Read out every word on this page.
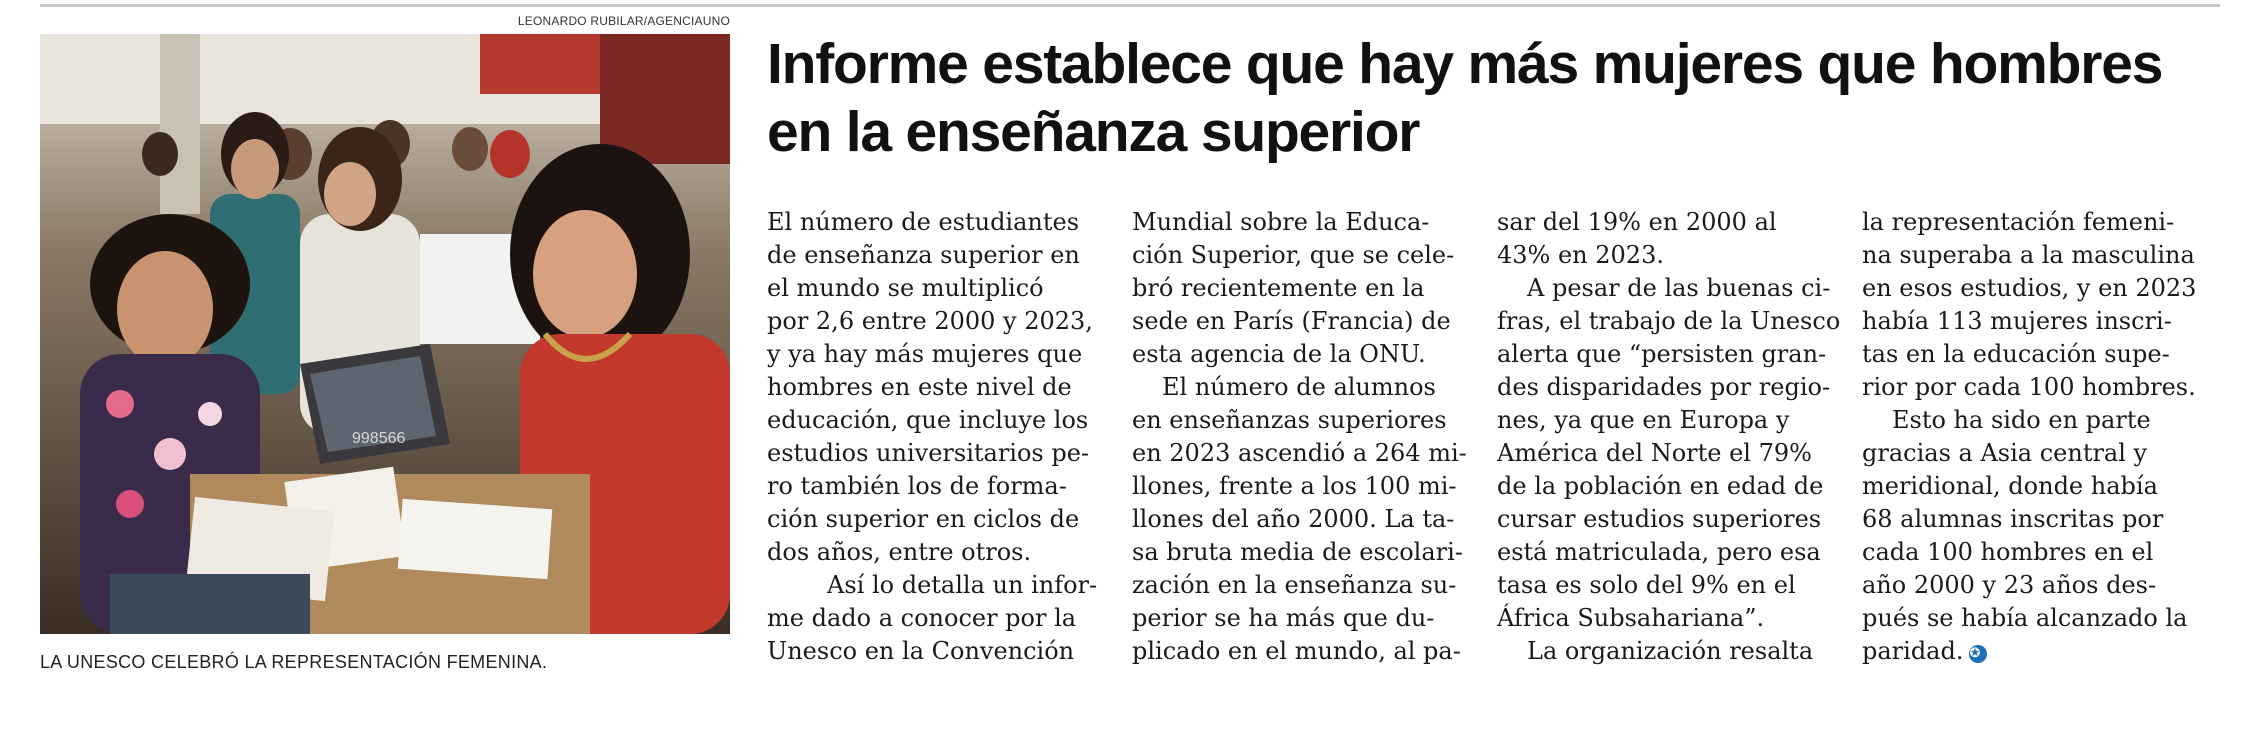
LEONARDO RUBILAR/AGENCIAUNO
998566
LA UNESCO CELEBRÓ LA REPRESENTACIÓN FEMENINA.
Informe establece que hay más mujeres que hombres en la enseñanza superior

El número de estudiantes
de enseñanza superior en
el mundo se multiplicó
por 2,6 entre 2000 y 2023,
y ya hay más mujeres que
hombres en este nivel de
educación, que incluye los
estudios universitarios pe-
ro también los de forma-
ción superior en ciclos de
dos años, entre otros.
Así lo detalla un infor-
me dado a conocer por la
Unesco en la Convención

Mundial sobre la Educa-
ción Superior, que se cele-
bró recientemente en la
sede en París (Francia) de
esta agencia de la ONU.
El número de alumnos
en enseñanzas superiores
en 2023 ascendió a 264 mi-
llones, frente a los 100 mi-
llones del año 2000. La ta-
sa bruta media de escolari-
zación en la enseñanza su-
perior se ha más que du-
plicado en el mundo, al pa-

sar del 19% en 2000 al
43% en 2023.
A pesar de las buenas ci-
fras, el trabajo de la Unesco
alerta que “persisten gran-
des disparidades por regio-
nes, ya que en Europa y
América del Norte el 79%
de la población en edad de
cursar estudios superiores
está matriculada, pero esa
tasa es solo del 9% en el
África Subsahariana”.
La organización resalta

la representación femeni-
na superaba a la masculina
en esos estudios, y en 2023
había 113 mujeres inscri-
tas en la educación supe-
rior por cada 100 hombres.
Esto ha sido en parte
gracias a Asia central y
meridional, donde había
68 alumnas inscritas por
cada 100 hombres en el
año 2000 y 23 años des-
pués se había alcanzado la
paridad. ✪
